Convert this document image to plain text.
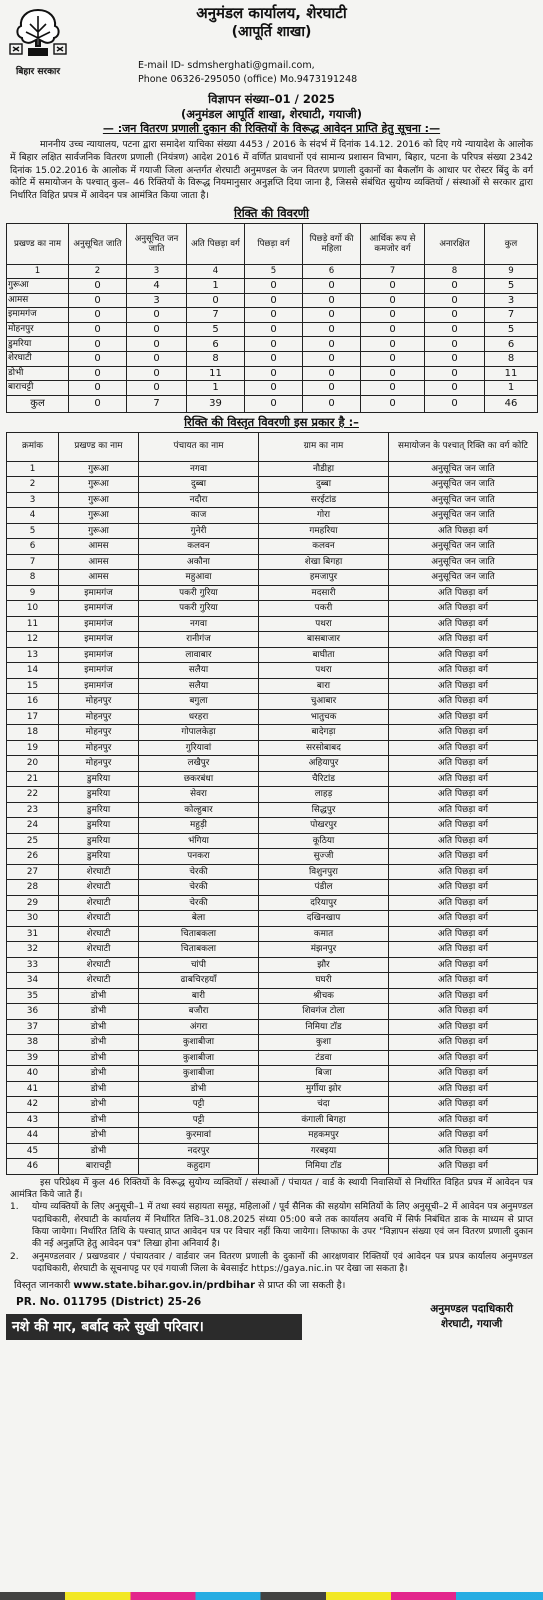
बिहार सरकार
अनुमंडल कार्यालय, शेरघाटी
(आपूर्ति शाखा)
E-mail ID- sdmsherghati@gmail.com,
Phone 06326-295050 (office) Mo.9473191248
विज्ञापन संख्या–01 / 2025
(अनुमंडल आपूर्ति शाखा, शेरघाटी, गयाजी)
— :जन वितरण प्रणाली दुकान की रिक्तियों के विरूद्ध आवेदन प्राप्ति हेतु सूचना :—
माननीय उच्च न्यायालय, पटना द्वारा समादेश याचिका संख्या 4453 / 2016 के संदर्भ में दिनांक 14.12. 2016 को दिए गये न्यायादेश के आलोक में बिहार लक्षित सार्वजनिक वितरण प्रणाली (नियंत्रण) आदेश 2016 में वर्णित प्रावधानों एवं सामान्य प्रशासन विभाग, बिहार, पटना के परिपत्र संख्या 2342 दिनांक 15.02.2016 के आलोक में गयाजी जिला अन्तर्गत शेरघाटी अनुमण्डल के जन वितरण प्रणाली दुकानों का बैकलॉग के आधार पर रोस्टर बिंदु के वर्ग कोटि में समायोजन के पश्चात् कुल– 46 रिक्तियों के विरूद्ध नियमानुसार अनुज्ञप्ति दिया जाना है, जिससे संबंधित सुयोग्य व्यक्तियों / संस्थाओं से सरकार द्वारा निर्धारित विहित प्रपत्र में आवेदन पत्र आमंत्रित किया जाता है।
रिक्ति की विवरणी
प्रखण्ड का नाम	अनुसूचित जाति	अनुसूचित जन जाति	अति पिछड़ा वर्ग	पिछड़ा वर्ग	पिछड़े वर्गो की महिला	आर्थिक रूप से कमजोर वर्ग	अनारक्षित	कुल
1	2	3	4	5	6	7	8	9
गुरूआ	0	4	1	0	0	0	0	5
आमस	0	3	0	0	0	0	0	3
इमामगंज	0	0	7	0	0	0	0	7
मोहनपुर	0	0	5	0	0	0	0	5
डुमरिया	0	0	6	0	0	0	0	6
शेरघाटी	0	0	8	0	0	0	0	8
डोभी	0	0	11	0	0	0	0	11
बाराचट्टी	0	0	1	0	0	0	0	1
कुल	0	7	39	0	0	0	0	46
रिक्ति की विस्तृत विवरणी इस प्रकार है :–
क्रमांक	प्रखण्ड का नाम	पंचायत का नाम	ग्राम का नाम	समायोजन के पश्चात् रिक्ति का वर्ग कोटि
1	गुरूआ	नगवा	नौडीहा	अनुसूचित जन जाति
2	गुरूआ	दुब्बा	दुब्बा	अनुसूचित जन जाति
3	गुरूआ	नदौरा	सरईटांड	अनुसूचित जन जाति
4	गुरूआ	काज	गोरा	अनुसूचित जन जाति
5	गुरूआ	गुनेरी	गमहरिया	अति पिछड़ा वर्ग
6	आमस	कलवन	कलवन	अनुसूचित जन जाति
7	आमस	अकौना	शेखा बिगहा	अनुसूचित जन जाति
8	आमस	महुआवा	हमजापुर	अनुसूचित जन जाति
9	इमामगंज	पकरी गुरिया	मदसारी	अति पिछड़ा वर्ग
10	इमामगंज	पकरी गुरिया	पकरी	अति पिछड़ा वर्ग
11	इमामगंज	नगवा	पथरा	अति पिछड़ा वर्ग
12	इमामगंज	रानीगंज	बासबाजार	अति पिछड़ा वर्ग
13	इमामगंज	लावाबार	बाघीता	अति पिछड़ा वर्ग
14	इमामगंज	सलैया	पथरा	अति पिछड़ा वर्ग
15	इमामगंज	सलैया	बारा	अति पिछड़ा वर्ग
16	मोहनपुर	बगुला	चुआबार	अति पिछड़ा वर्ग
17	मोहनपुर	धरहरा	भातुचक	अति पिछड़ा वर्ग
18	मोहनपुर	गोपालकेड़ा	बादेगड़ा	अति पिछड़ा वर्ग
19	मोहनपुर	गुरियावां	सरसोबाबद	अति पिछड़ा वर्ग
20	मोहनपुर	लखैपुर	अहियापुर	अति पिछड़ा वर्ग
21	डुमरिया	छकरबंधा	चैरिटांड	अति पिछड़ा वर्ग
22	डुमरिया	सेवरा	लाहड़	अति पिछड़ा वर्ग
23	डुमरिया	कोल्हुबार	सिद्धपुर	अति पिछड़ा वर्ग
24	डुमरिया	महुड़ी	पोखरपुर	अति पिछड़ा वर्ग
25	डुमरिया	भंगिया	कूठिया	अति पिछड़ा वर्ग
26	डुमरिया	पनकरा	सुज्जी	अति पिछड़ा वर्ग
27	शेरघाटी	चेरकी	विशुनपुरा	अति पिछड़ा वर्ग
28	शेरघाटी	चेरकी	पंडील	अति पिछड़ा वर्ग
29	शेरघाटी	चेरकी	दरियापुर	अति पिछड़ा वर्ग
30	शेरघाटी	बेला	दखिनखाप	अति पिछड़ा वर्ग
31	शेरघाटी	चिताबकला	कमात	अति पिछड़ा वर्ग
32	शेरघाटी	चिताबकला	मंझनपुर	अति पिछड़ा वर्ग
33	शेरघाटी	चांपी	झौर	अति पिछड़ा वर्ग
34	शेरघाटी	ढाबचिरहयाँ	घघरी	अति पिछड़ा वर्ग
35	डोभी	बारी	श्रीचक	अति पिछड़ा वर्ग
36	डोभी	बजौरा	शिवगंज टोला	अति पिछड़ा वर्ग
37	डोभी	अंगरा	निमिया टॉड	अति पिछड़ा वर्ग
38	डोभी	कुशाबीजा	कुशा	अति पिछड़ा वर्ग
39	डोभी	कुशाबीजा	टंडवा	अति पिछड़ा वर्ग
40	डोभी	कुशाबीजा	बिजा	अति पिछड़ा वर्ग
41	डोभी	डोभी	मुर्गीया झोर	अति पिछड़ा वर्ग
42	डोभी	पट्टी	चंदा	अति पिछड़ा वर्ग
43	डोभी	पट्टी	कंगाली बिगहा	अति पिछड़ा वर्ग
44	डोभी	कुरमावां	महकमपुर	अति पिछड़ा वर्ग
45	डोभी	नदरपुर	गरबइया	अति पिछड़ा वर्ग
46	बाराचट्टी	कहुदाग	निमिया टॉड	अति पिछड़ा वर्ग

इस परिप्रेक्ष्य में कुल 46 रिक्तियों के विरूद्ध सुयोग्य व्यक्तियों / संस्थाओं / पंचायत / वार्ड के स्थायी निवासियों से निर्धारित विहित प्रपत्र में आवेदन पत्र आमंत्रित किये जाते हैं।

1.	योग्य व्यक्तियों के लिए अनुसूची–1 में तथा स्वयं सहायता समूह, महिलाओं / पूर्व सैनिक की सहयोग समितियों के लिए अनुसूची–2 में आवेदन पत्र अनुमण्डल पदाधिकारी, शेरघाटी के कार्यालय में निर्धारित तिथि–31.08.2025 संध्या 05:00 बजे तक कार्यालय अवधि में सिर्फ निबंधित डाक के माध्यम से प्राप्त किया जायेगा। निर्धारित तिथि के पश्चात् प्राप्त आवेदन पत्र पर विचार नहीं किया जायेगा। लिफाफा के उपर "विज्ञापन संख्या एवं जन वितरण प्रणाली दुकान की नई अनुज्ञप्ति हेतु आवेदन पत्र" लिखा होना अनिवार्य है।
2.	अनुमण्डलवार / प्रखण्डवार / पंचायतवार / वार्डवार जन वितरण प्रणाली के दुकानों की आरक्षणवार रिक्तियों एवं आवेदन पत्र प्रपत्र कार्यालय अनुमण्डल पदाधिकारी, शेरघाटी के सूचनापट्ट पर एवं गयाजी जिला के बेवसाईट https://gaya.nic.in पर देखा जा सकता है।
विस्तृत जानकारी www.state.bihar.gov.in/prdbihar से प्राप्त की जा सकती है।
PR. No. 011795 (District) 25-26
नशे की मार, बर्बाद करे सुखी परिवार।
अनुमण्डल पदाधिकारी
शेरघाटी, गयाजी
